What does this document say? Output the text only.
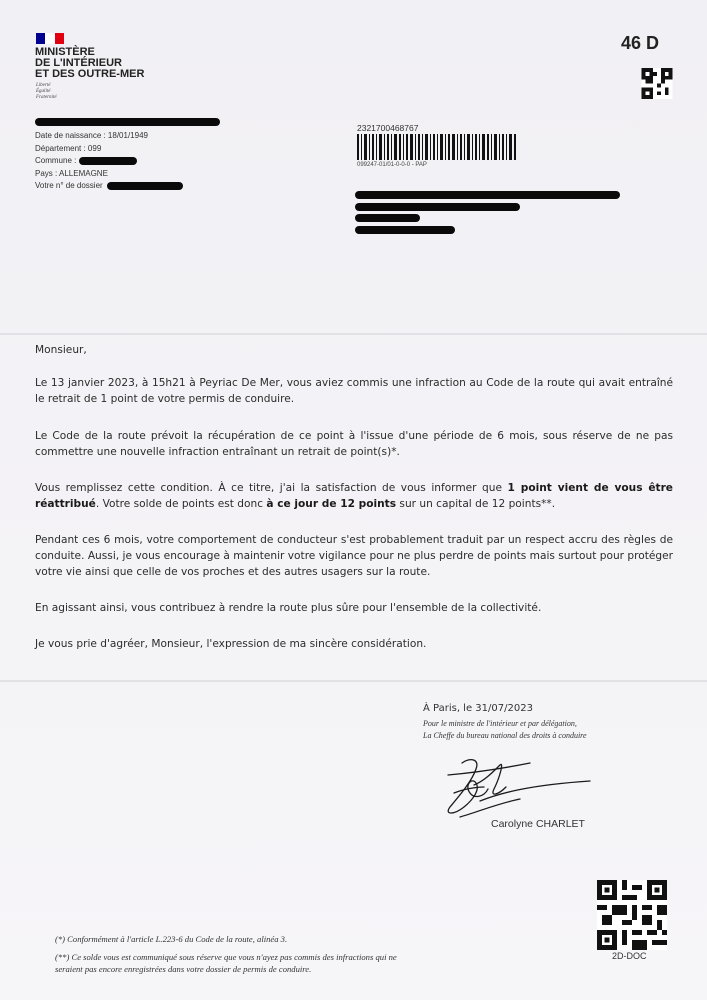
MINISTÈRE
DE L'INTÉRIEUR
ET DES OUTRE-MER
Liberté
Égalité
Fraternité
46 D
Date de naissance : 18/01/1949
Département : 099
Commune :
Pays : ALLEMAGNE
Votre n° de dossier
2321700468767
099247-01/01-0-0-0 - PAP

Monsieur,

Le 13 janvier 2023, à 15h21 à Peyriac De Mer, vous aviez commis une infraction au Code de la route qui avait entraîné le retrait de 1 point de votre permis de conduire.

Le Code de la route prévoit la récupération de ce point à l'issue d'une période de 6 mois, sous réserve de ne pas commettre une nouvelle infraction entraînant un retrait de point(s)*.

Vous remplissez cette condition. À ce titre, j'ai la satisfaction de vous informer que 1 point vient de vous être réattribué. Votre solde de points est donc à ce jour de 12 points sur un capital de 12 points**.

Pendant ces 6 mois, votre comportement de conducteur s'est probablement traduit par un respect accru des règles de conduite. Aussi, je vous encourage à maintenir votre vigilance pour ne plus perdre de points mais surtout pour protéger votre vie ainsi que celle de vos proches et des autres usagers sur la route.

En agissant ainsi, vous contribuez à rendre la route plus sûre pour l'ensemble de la collectivité.

Je vous prie d'agréer, Monsieur, l'expression de ma sincère considération.

À Paris, le 31/07/2023
Pour le ministre de l'intérieur et par délégation,
La Cheffe du bureau national des droits à conduire
Carolyne CHARLET
2D-DOC
(*) Conformément à l'article L.223-6 du Code de la route, alinéa 3.
(**) Ce solde vous est communiqué sous réserve que vous n'ayez pas commis des infractions qui ne
seraient pas encore enregistrées dans votre dossier de permis de conduire.
